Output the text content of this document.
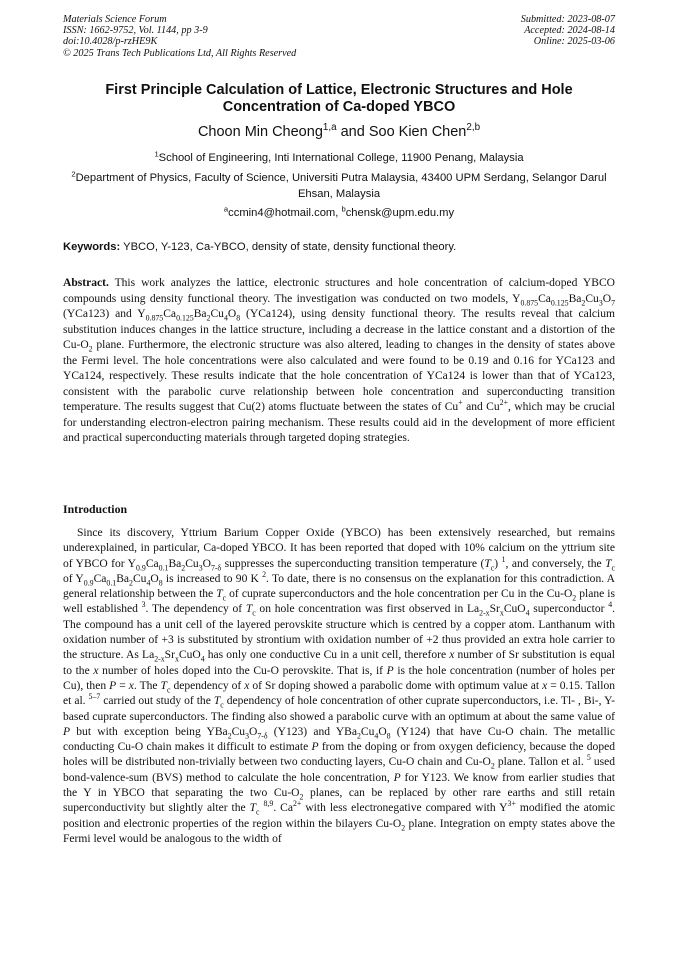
Materials Science Forum
ISSN: 1662-9752, Vol. 1144, pp 3-9
doi:10.4028/p-rzHE9K
© 2025 Trans Tech Publications Ltd, All Rights Reserved
Submitted: 2023-08-07
Accepted: 2024-08-14
Online: 2025-03-06
First Principle Calculation of Lattice, Electronic Structures and Hole Concentration of Ca-doped YBCO
Choon Min Cheong$^{1,a}$ and Soo Kien Chen$^{2,b}$
$^1$School of Engineering, Inti International College, 11900 Penang, Malaysia
$^2$Department of Physics, Faculty of Science, Universiti Putra Malaysia, 43400 UPM Serdang, Selangor Darul Ehsan, Malaysia
$^a$ccmin4@hotmail.com, $^b$chensk@upm.edu.my
Keywords: YBCO, Y-123, Ca-YBCO, density of state, density functional theory.

Abstract. This work analyzes the lattice, electronic structures and hole concentration of calcium-doped YBCO compounds using density functional theory. The investigation was conducted on two models, $Y_{0.875}Ca_{0.125}Ba_2Cu_3O_7$ (YCa123) and $Y_{0.875}Ca_{0.125}Ba_2Cu_4O_8$ (YCa124), using density functional theory. The results reveal that calcium substitution induces changes in the lattice structure, including a decrease in the lattice constant and a distortion of the $Cu-O_2$ plane. Furthermore, the electronic structure was also altered, leading to changes in the density of states above the Fermi level. The hole concentrations were also calculated and were found to be 0.19 and 0.16 for YCa123 and YCa124, respectively. These results indicate that the hole concentration of YCa124 is lower than that of YCa123, consistent with the parabolic curve relationship between hole concentration and superconducting transition temperature. The results suggest that Cu(2) atoms fluctuate between the states of Cu+ and $Cu^{2+}$, which may be crucial for understanding electron-electron pairing mechanism. These results could aid in the development of more efficient and practical superconducting materials through targeted doping strategies.

Introduction

Since its discovery, Yttrium Barium Copper Oxide (YBCO) has been extensively researched, but remains underexplained, in particular, Ca-doped YBCO. It has been reported that doped with 10% calcium on the yttrium site of YBCO for $Y_{0.9}Ca_{0.1}Ba_2Cu_3O_{7-\delta}$ suppresses the superconducting transition temperature $(T_c)$ $^1$, and conversely, the $T_c$ of $Y_{0.9}Ca_{0.1}Ba_2Cu_4O_8$ is increased to 90 K $^2$. To date, there is no consensus on the explanation for this contradiction. A general relationship between the $T_c$ of cuprate superconductors and the hole concentration per Cu in the $Cu-O_2$ plane is well established $^3$. The dependency of $T_c$ on hole concentration was first observed in $La_{2-x}Sr_xCuO_4$ superconductor $^4$. The compound has a unit cell of the layered perovskite structure which is centred by a copper atom. Lanthanum with oxidation number of +3 is substituted by strontium with oxidation number of +2 thus provided an extra hole carrier to the structure. As $La_{2-x}Sr_xCuO_4$ has only one conductive Cu in a unit cell, therefore x number of Sr substitution is equal to the x number of holes doped into the Cu-O perovskite. That is, if P is the hole concentration (number of holes per Cu), then P = x. The $T_c$ dependency of x of Sr doping showed a parabolic dome with optimum value at x = 0.15. Tallon et al. $^{5-7}$ carried out study of the $T_c$ dependency of hole concentration of other cuprate superconductors, i.e. Tl- , Bi-, Y- based cuprate superconductors. The finding also showed a parabolic curve with an optimum at about the same value of P but with exception being $YBa_2Cu_3O_{7-\delta}$ (Y123) and $YBa_2Cu_4O_8$ (Y124) that have Cu-O chain. The metallic conducting Cu-O chain makes it difficult to estimate P from the doping or from oxygen deficiency, because the doped holes will be distributed non-trivially between two conducting layers, Cu-O chain and $Cu-O_2$ plane. Tallon et al. $^5$ used bond-valence-sum (BVS) method to calculate the hole concentration, P for Y123. We know from earlier studies that the Y in YBCO that separating the two $Cu-O_2$ planes, can be replaced by other rare earths and still retain superconductivity but slightly alter the $T_c$ $^{8,9}$. $Ca^{2+}$ with less electronegative compared with $Y^{3+}$ modified the atomic position and electronic properties of the region within the bilayers $Cu-O_2$ plane. Integration on empty states above the Fermi level would be analogous to the width of
